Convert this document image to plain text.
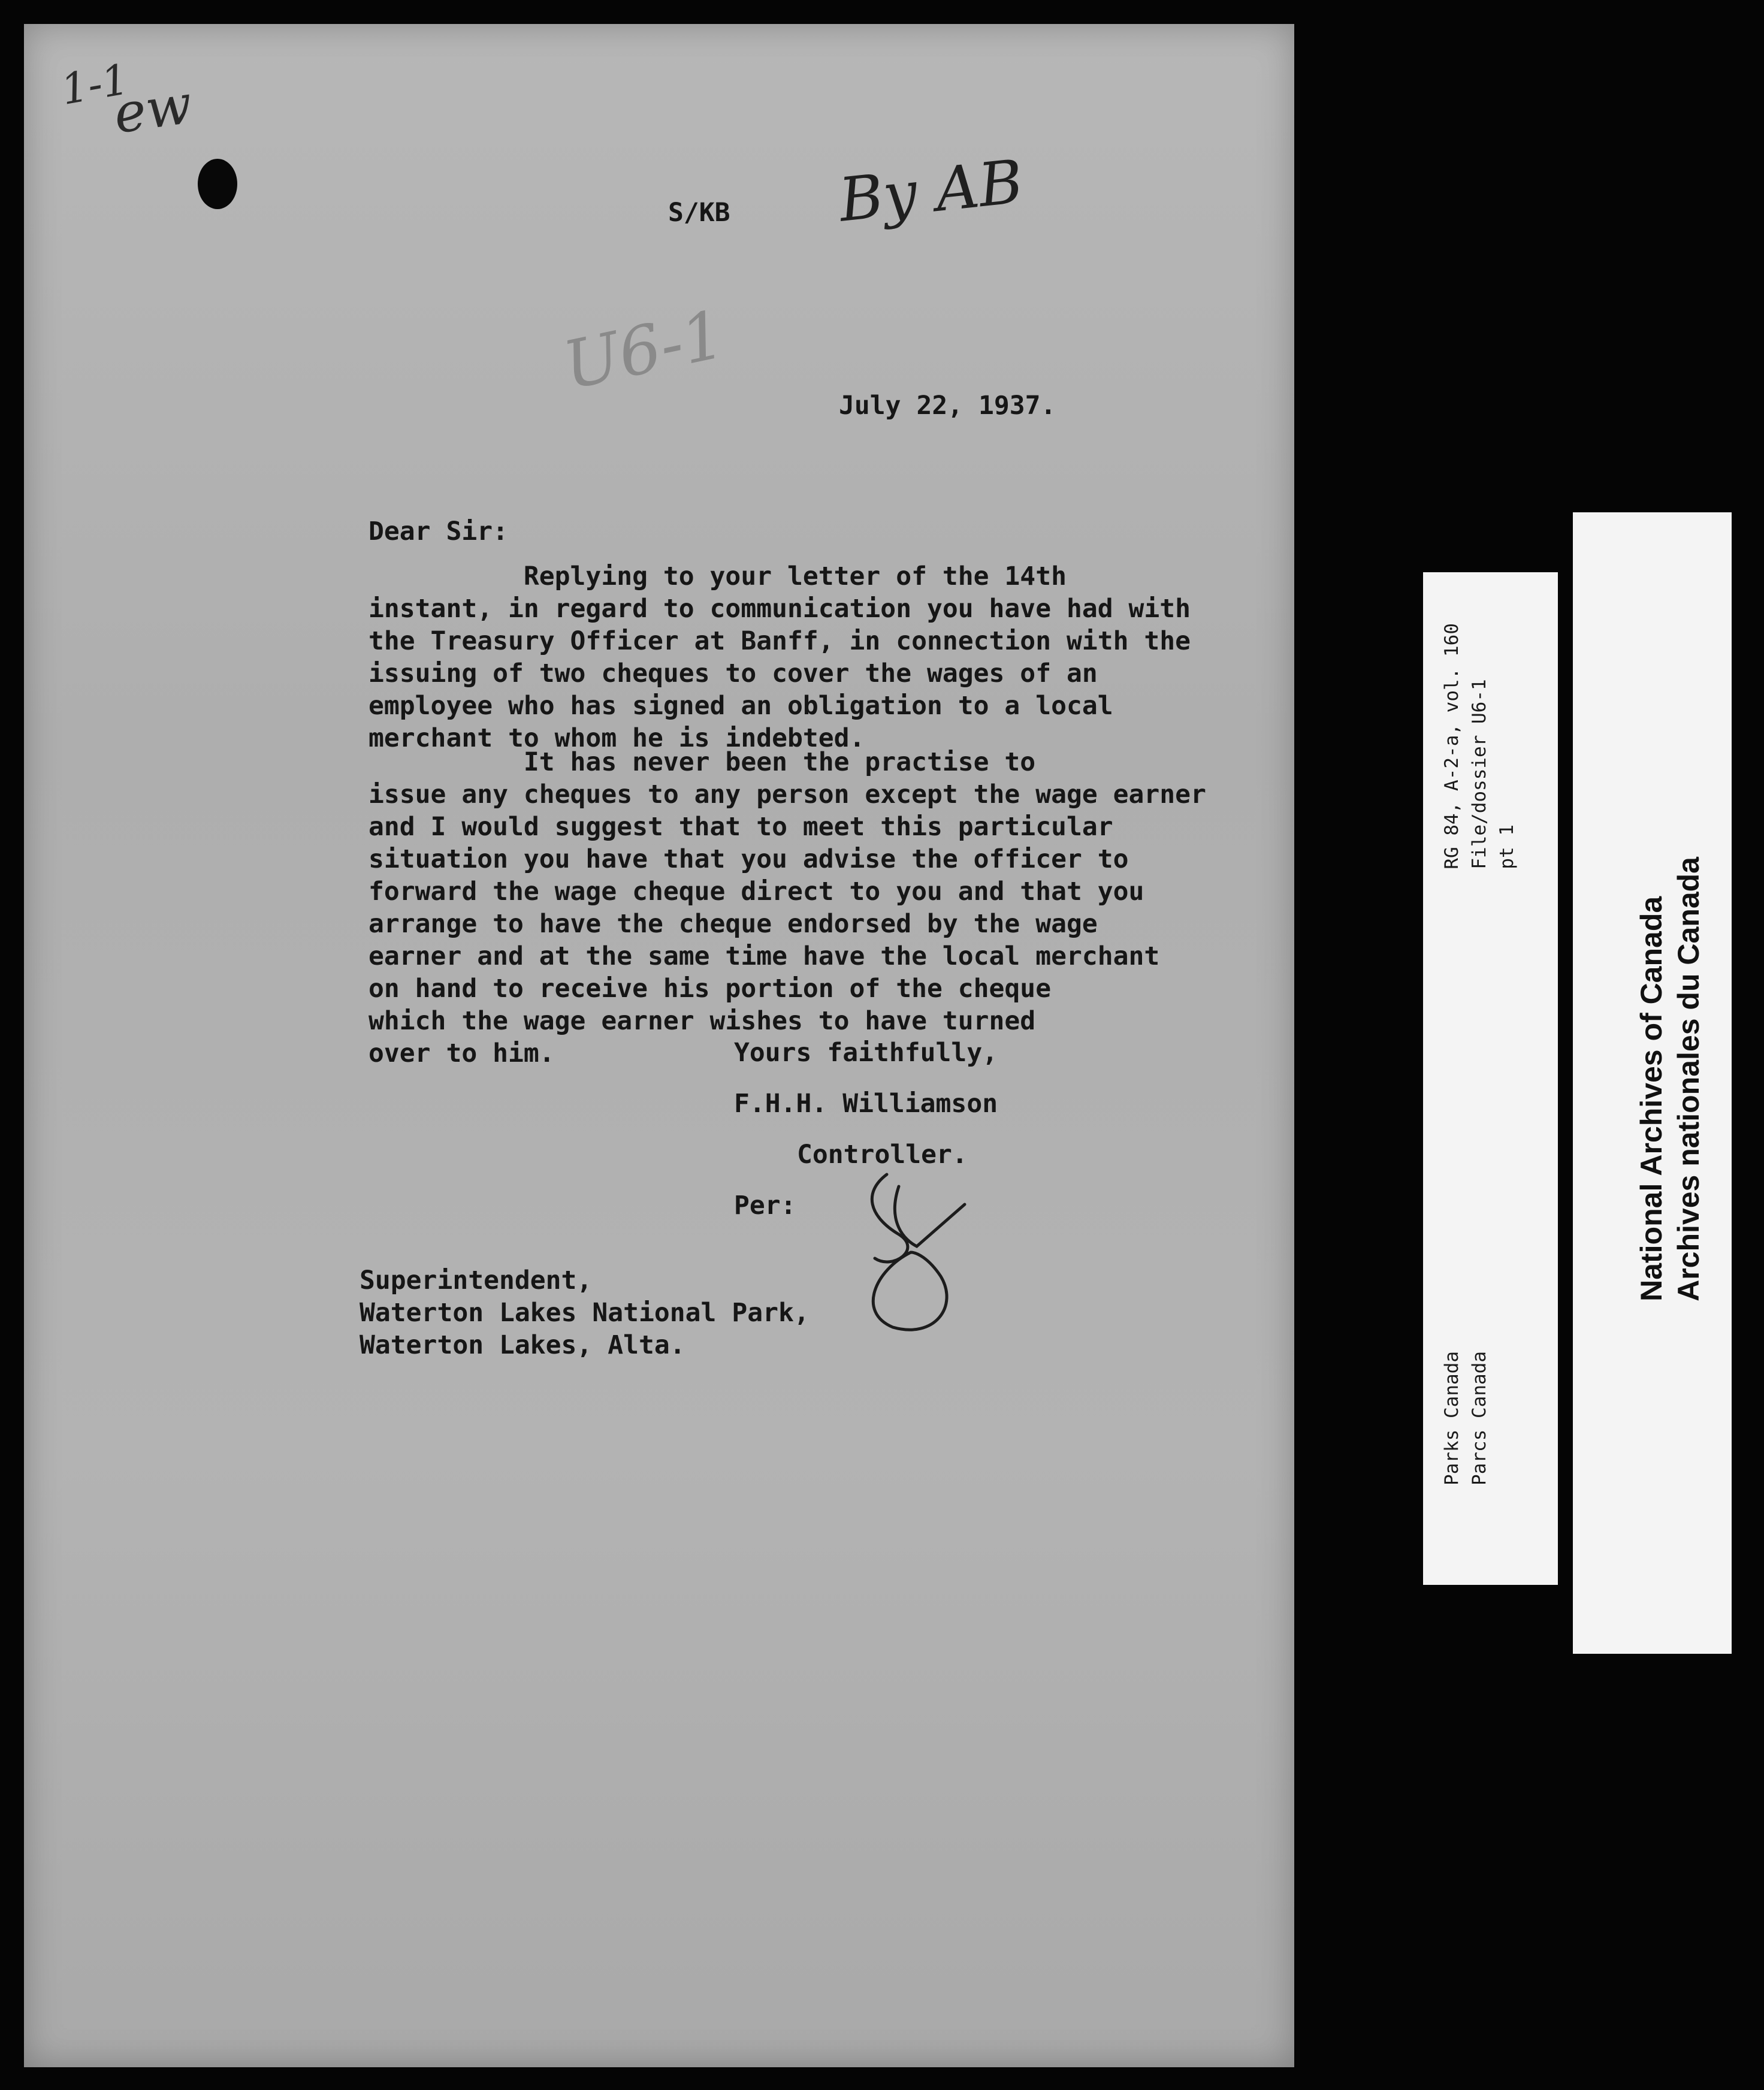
1-1
ew
S/KB By AB
U6-1
July 22, 1937.
Dear Sir:
Replying to your letter of the 14th
instant, in regard to communication you have had with
the Treasury Officer at Banff, in connection with the
issuing of two cheques to cover the wages of an
employee who has signed an obligation to a local
merchant to whom he is indebted.
It has never been the practise to
issue any cheques to any person except the wage earner
and I would suggest that to meet this particular
situation you have that you advise the officer to
forward the wage cheque direct to you and that you
arrange to have the cheque endorsed by the wage
earner and at the same time have the local merchant
on hand to receive his portion of the cheque
which the wage earner wishes to have turned
over to him.	Yours faithfully,
F.H.H. Williamson
Controller.
Per:
Superintendent,
Waterton Lakes National Park,
Waterton Lakes, Alta.
RG 84, A-2-a, vol. 160
File/dossier U6-1
pt 1
Parks Canada
Parcs Canada
National Archives of Canada
Archives nationales du Canada
